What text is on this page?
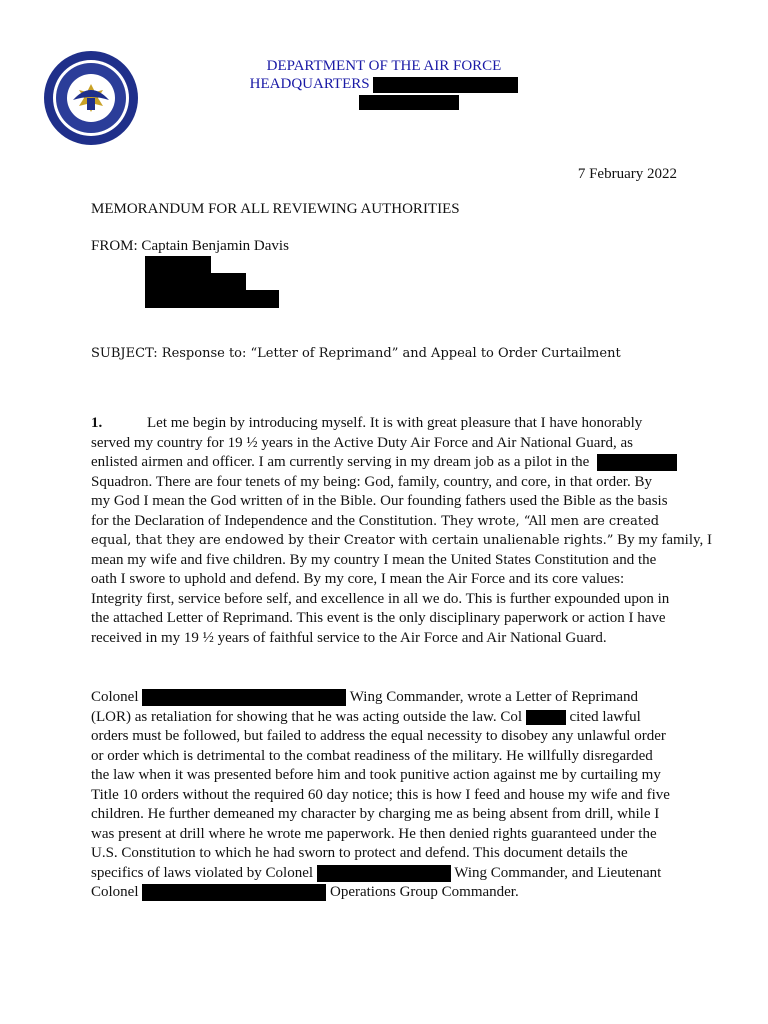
DEPARTMENT OF THE AIR FORCE
HEADQUARTERS
7 February 2022
MEMORANDUM FOR ALL REVIEWING AUTHORITIES
FROM: Captain Benjamin Davis
SUBJECT: Response to: “Letter of Reprimand” and Appeal to Order Curtailment
1.	Let me begin by introducing myself. It is with great pleasure that I have honorably
served my country for 19 ½ years in the Active Duty Air Force and Air National Guard, as
enlisted airmen and officer. I am currently serving in my dream job as a pilot in the
Squadron. There are four tenets of my being: God, family, country, and core, in that order. By
my God I mean the God written of in the Bible. Our founding fathers used the Bible as the basis
for the Declaration of Independence and the Constitution. They wrote, “All men are created
equal, that they are endowed by their Creator with certain unalienable rights.” By my family, I
mean my wife and five children. By my country I mean the United States Constitution and the
oath I swore to uphold and defend. By my core, I mean the Air Force and its core values:
Integrity first, service before self, and excellence in all we do. This is further expounded upon in
the attached Letter of Reprimand. This event is the only disciplinary paperwork or action I have
received in my 19 ½ years of faithful service to the Air Force and Air National Guard.
Colonel	Wing Commander, wrote a Letter of Reprimand
(LOR) as retaliation for showing that he was acting outside the law. Col	cited lawful
orders must be followed, but failed to address the equal necessity to disobey any unlawful order
or order which is detrimental to the combat readiness of the military. He willfully disregarded
the law when it was presented before him and took punitive action against me by curtailing my
Title 10 orders without the required 60 day notice; this is how I feed and house my wife and five
children. He further demeaned my character by charging me as being absent from drill, while I
was present at drill where he wrote me paperwork. He then denied rights guaranteed under the
U.S. Constitution to which he had sworn to protect and defend. This document details the
specifics of laws violated by Colonel	Wing Commander, and Lieutenant
Colonel	Operations Group Commander.
